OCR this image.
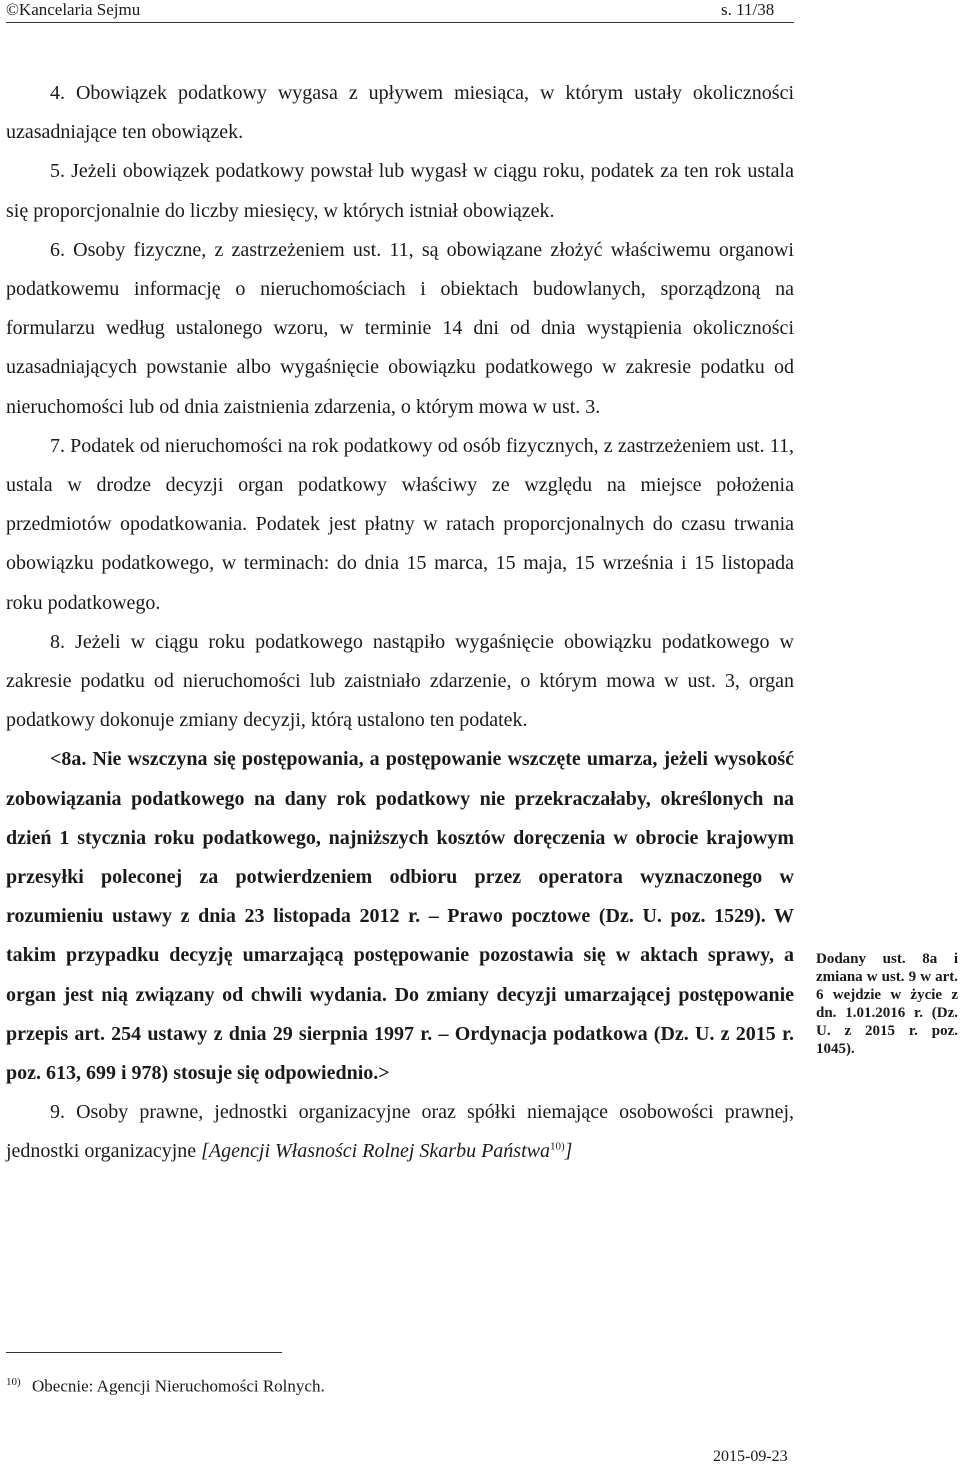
©Kancelaria Sejmu	s. 11/38

4. Obowiązek podatkowy wygasa z upływem miesiąca, w którym ustały okoliczności uzasadniające ten obowiązek.

5. Jeżeli obowiązek podatkowy powstał lub wygasł w ciągu roku, podatek za ten rok ustala się proporcjonalnie do liczby miesięcy, w których istniał obowiązek.

6. Osoby fizyczne, z zastrzeżeniem ust. 11, są obowiązane złożyć właściwemu organowi podatkowemu informację o nieruchomościach i obiektach budowlanych, sporządzoną na formularzu według ustalonego wzoru, w terminie 14 dni od dnia wystąpienia okoliczności uzasadniających powstanie albo wygaśnięcie obowiązku podatkowego w zakresie podatku od nieruchomości lub od dnia zaistnienia zdarzenia, o którym mowa w ust. 3.

7. Podatek od nieruchomości na rok podatkowy od osób fizycznych, z zastrzeżeniem ust. 11, ustala w drodze decyzji organ podatkowy właściwy ze względu na miejsce położenia przedmiotów opodatkowania. Podatek jest płatny w ratach proporcjonalnych do czasu trwania obowiązku podatkowego, w terminach: do dnia 15 marca, 15 maja, 15 września i 15 listopada roku podatkowego.

8. Jeżeli w ciągu roku podatkowego nastąpiło wygaśnięcie obowiązku podatkowego w zakresie podatku od nieruchomości lub zaistniało zdarzenie, o którym mowa w ust. 3, organ podatkowy dokonuje zmiany decyzji, którą ustalono ten podatek.

<8a. Nie wszczyna się postępowania, a postępowanie wszczęte umarza, jeżeli wysokość zobowiązania podatkowego na dany rok podatkowy nie przekraczałaby, określonych na dzień 1 stycznia roku podatkowego, najniższych kosztów doręczenia w obrocie krajowym przesyłki poleconej za potwierdzeniem odbioru przez operatora wyznaczonego w rozumieniu ustawy z dnia 23 listopada 2012 r. – Prawo pocztowe (Dz. U. poz. 1529). W takim przypadku decyzję umarzającą postępowanie pozostawia się w aktach sprawy, a organ jest nią związany od chwili wydania. Do zmiany decyzji umarzającej postępowanie przepis art. 254 ustawy z dnia 29 sierpnia 1997 r. – Ordynacja podatkowa (Dz. U. z 2015 r. poz. 613, 699 i 978) stosuje się odpowiednio.>

9. Osoby prawne, jednostki organizacyjne oraz spółki niemające osobowości prawnej, jednostki organizacyjne [Agencji Własności Rolnej Skarbu Państwa$^{10)}$]

Dodany ust. 8a i zmiana w ust. 9 w art. 6 wejdzie w życie z dn. 1.01.2016 r. (Dz. U. z 2015 r. poz. 1045).
10) Obecnie: Agencji Nieruchomości Rolnych.
2015-09-23
